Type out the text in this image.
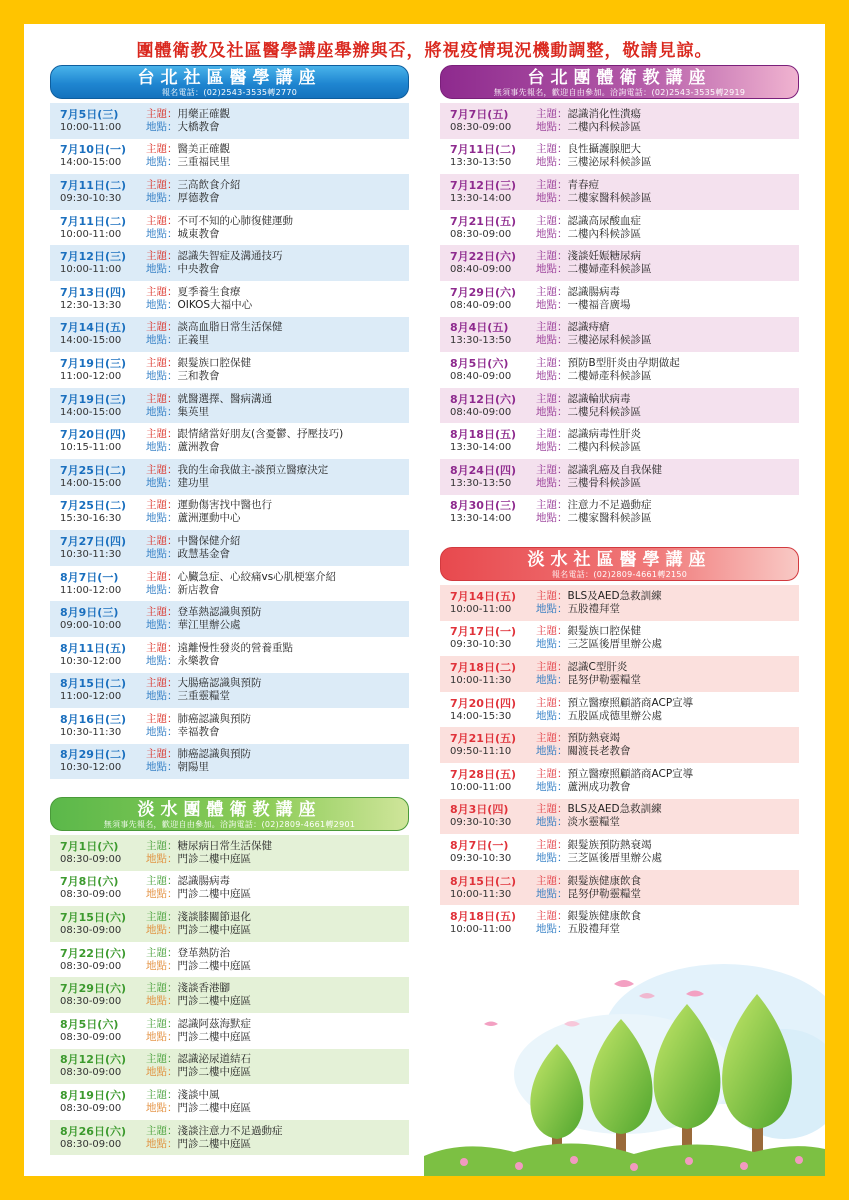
團體衛教及社區醫學講座舉辦與否，將視疫情現況機動調整，敬請見諒。
台北社區醫學講座
報名電話：(02)2543-3535轉2770
7月5日(三)
10:00-11:00
主題：用藥正確觀
地點：大橋教會
7月10日(一)
14:00-15:00
主題：醫美正確觀
地點：三重福民里
7月11日(二)
09:30-10:30
主題：三高飲食介紹
地點：厚德教會
7月11日(二)
10:00-11:00
主題：不可不知的心肺復健運動
地點：城東教會
7月12日(三)
10:00-11:00
主題：認識失智症及溝通技巧
地點：中央教會
7月13日(四)
12:30-13:30
主題：夏季養生食療
地點：OIKOS大福中心
7月14日(五)
14:00-15:00
主題：談高血脂日常生活保健
地點：正義里
7月19日(三)
11:00-12:00
主題：銀髮族口腔保健
地點：三和教會
7月19日(三)
14:00-15:00
主題：就醫選擇、醫病溝通
地點：集英里
7月20日(四)
10:15-11:00
主題：跟情緒當好朋友(含憂鬱、抒壓技巧)
地點：蘆洲教會
7月25日(二)
14:00-15:00
主題：我的生命我做主-談預立醫療決定
地點：建功里
7月25日(二)
15:30-16:30
主題：運動傷害找中醫也行
地點：蘆洲運動中心
7月27日(四)
10:30-11:30
主題：中醫保健介紹
地點：政慧基金會
8月7日(一)
11:00-12:00
主題：心臟急症、心絞痛vs心肌梗塞介紹
地點：新店教會
8月9日(三)
09:00-10:00
主題：登革熱認識與預防
地點：華江里辦公處
8月11日(五)
10:30-12:00
主題：遠離慢性發炎的營養重點
地點：永樂教會
8月15日(二)
11:00-12:00
主題：大腸癌認識與預防
地點：三重靈糧堂
8月16日(三)
10:30-11:30
主題：肺癌認識與預防
地點：幸福教會
8月29日(二)
10:30-12:00
主題：肺癌認識與預防
地點：朝陽里
淡水團體衛教講座
無須事先報名，歡迎自由參加。洽詢電話：(02)2809-4661轉2901
7月1日(六)
08:30-09:00
主題：糖尿病日常生活保健
地點：門診二樓中庭區
7月8日(六)
08:30-09:00
主題：認識腸病毒
地點：門診二樓中庭區
7月15日(六)
08:30-09:00
主題：淺談膝關節退化
地點：門診二樓中庭區
7月22日(六)
08:30-09:00
主題：登革熱防治
地點：門診二樓中庭區
7月29日(六)
08:30-09:00
主題：淺談香港腳
地點：門診二樓中庭區
8月5日(六)
08:30-09:00
主題：認識阿茲海默症
地點：門診二樓中庭區
8月12日(六)
08:30-09:00
主題：認識泌尿道結石
地點：門診二樓中庭區
8月19日(六)
08:30-09:00
主題：淺談中風
地點：門診二樓中庭區
8月26日(六)
08:30-09:00
主題：淺談注意力不足過動症
地點：門診二樓中庭區
台北團體衛教講座
無須事先報名，歡迎自由參加。洽詢電話：(02)2543-3535轉2919
7月7日(五)
08:30-09:00
主題：認識消化性潰瘍
地點：二樓內科候診區
7月11日(二)
13:30-13:50
主題：良性攝護腺肥大
地點：三樓泌尿科候診區
7月12日(三)
13:30-14:00
主題：青春痘
地點：二樓家醫科候診區
7月21日(五)
08:30-09:00
主題：認識高尿酸血症
地點：二樓內科候診區
7月22日(六)
08:40-09:00
主題：淺談妊娠糖尿病
地點：二樓婦產科候診區
7月29日(六)
08:40-09:00
主題：認識腸病毒
地點：一樓福音廣場
8月4日(五)
13:30-13:50
主題：認識痔瘡
地點：三樓泌尿科候診區
8月5日(六)
08:40-09:00
主題：預防B型肝炎由孕期做起
地點：二樓婦產科候診區
8月12日(六)
08:40-09:00
主題：認識輪狀病毒
地點：二樓兒科候診區
8月18日(五)
13:30-14:00
主題：認識病毒性肝炎
地點：二樓內科候診區
8月24日(四)
13:30-13:50
主題：認識乳癌及自我保健
地點：三樓骨科候診區
8月30日(三)
13:30-14:00
主題：注意力不足過動症
地點：二樓家醫科候診區
淡水社區醫學講座
報名電話：(02)2809-4661轉2150
7月14日(五)
10:00-11:00
主題：BLS及AED急救訓練
地點：五股禮拜堂
7月17日(一)
09:30-10:30
主題：銀髮族口腔保健
地點：三芝區後厝里辦公處
7月18日(二)
10:00-11:30
主題：認識C型肝炎
地點：昆努伊勒靈糧堂
7月20日(四)
14:00-15:30
主題：預立醫療照顧諮商ACP宣導
地點：五股區成德里辦公處
7月21日(五)
09:50-11:10
主題：預防熱衰竭
地點：關渡長老教會
7月28日(五)
10:00-11:00
主題：預立醫療照顧諮商ACP宣導
地點：蘆洲成功教會
8月3日(四)
09:30-10:30
主題：BLS及AED急救訓練
地點：淡水靈糧堂
8月7日(一)
09:30-10:30
主題：銀髮族預防熱衰竭
地點：三芝區後厝里辦公處
8月15日(二)
10:00-11:30
主題：銀髮族健康飲食
地點：昆努伊勒靈糧堂
8月18日(五)
10:00-11:00
主題：銀髮族健康飲食
地點：五股禮拜堂
